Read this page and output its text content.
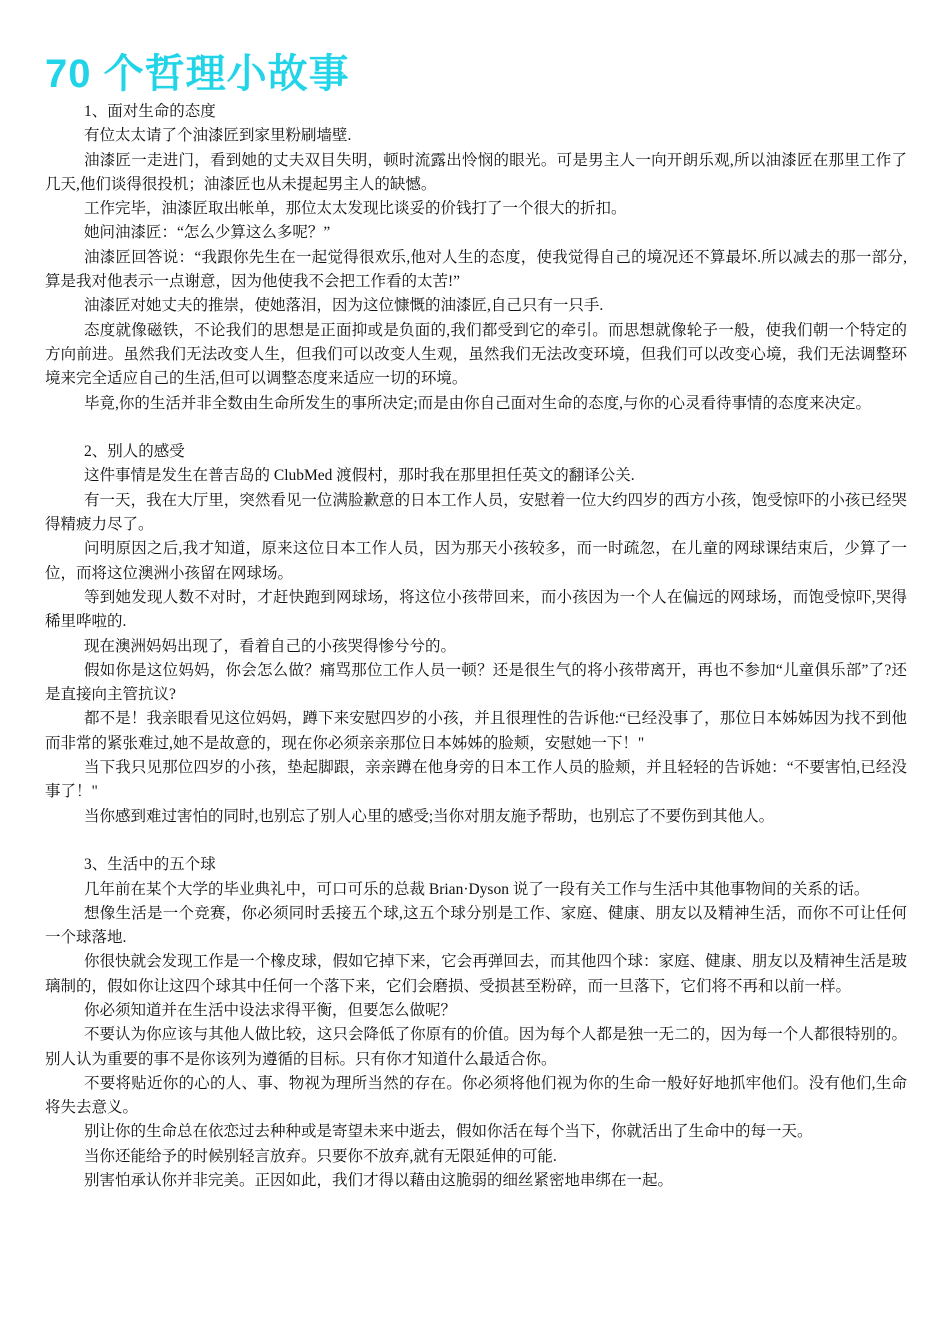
70 个哲理小故事

1、面对生命的态度

有位太太请了个油漆匠到家里粉刷墙壁.

油漆匠一走进门，看到她的丈夫双目失明，顿时流露出怜悯的眼光。可是男主人一向开朗乐观,所以油漆匠在那里工作了几天,他们谈得很投机；油漆匠也从未提起男主人的缺憾。

工作完毕，油漆匠取出帐单，那位太太发现比谈妥的价钱打了一个很大的折扣。

她问油漆匠：“怎么少算这么多呢？”

油漆匠回答说：“我跟你先生在一起觉得很欢乐,他对人生的态度，使我觉得自己的境况还不算最坏.所以减去的那一部分,算是我对他表示一点谢意，因为他使我不会把工作看的太苦!”

油漆匠对她丈夫的推崇，使她落泪，因为这位慷慨的油漆匠,自己只有一只手.

态度就像磁铁，不论我们的思想是正面抑或是负面的,我们都受到它的牵引。而思想就像轮子一般，使我们朝一个特定的方向前进。虽然我们无法改变人生，但我们可以改变人生观，虽然我们无法改变环境，但我们可以改变心境，我们无法调整环境来完全适应自己的生活,但可以调整态度来适应一切的环境。

毕竟,你的生活并非全数由生命所发生的事所决定;而是由你自己面对生命的态度,与你的心灵看待事情的态度来决定。

2、别人的感受

这件事情是发生在普吉岛的 ClubMed 渡假村，那时我在那里担任英文的翻译公关.

有一天，我在大厅里，突然看见一位满脸歉意的日本工作人员，安慰着一位大约四岁的西方小孩，饱受惊吓的小孩已经哭得精疲力尽了。

问明原因之后,我才知道，原来这位日本工作人员，因为那天小孩较多，而一时疏忽，在儿童的网球课结束后，少算了一位，而将这位澳洲小孩留在网球场。

等到她发现人数不对时，才赶快跑到网球场，将这位小孩带回来，而小孩因为一个人在偏远的网球场，而饱受惊吓,哭得稀里哗啦的.

现在澳洲妈妈出现了，看着自己的小孩哭得惨兮兮的。

假如你是这位妈妈，你会怎么做？痛骂那位工作人员一顿？还是很生气的将小孩带离开，再也不参加“儿童俱乐部”了?还是直接向主管抗议?

都不是！我亲眼看见这位妈妈，蹲下来安慰四岁的小孩，并且很理性的告诉他:“已经没事了，那位日本姊姊因为找不到他而非常的紧张难过,她不是故意的，现在你必须亲亲那位日本姊姊的脸颊，安慰她一下！"

当下我只见那位四岁的小孩，垫起脚跟，亲亲蹲在他身旁的日本工作人员的脸颊，并且轻轻的告诉她：“不要害怕,已经没事了！"

当你感到难过害怕的同时,也别忘了别人心里的感受;当你对朋友施予帮助，也别忘了不要伤到其他人。

3、生活中的五个球

几年前在某个大学的毕业典礼中，可口可乐的总裁 Brian·Dyson 说了一段有关工作与生活中其他事物间的关系的话。

想像生活是一个竞赛，你必须同时丢接五个球,这五个球分别是工作、家庭、健康、朋友以及精神生活，而你不可让任何一个球落地.

你很快就会发现工作是一个橡皮球，假如它掉下来，它会再弹回去，而其他四个球：家庭、健康、朋友以及精神生活是玻璃制的，假如你让这四个球其中任何一个落下来，它们会磨损、受损甚至粉碎，而一旦落下，它们将不再和以前一样。

你必须知道并在生活中设法求得平衡，但要怎么做呢？

不要认为你应该与其他人做比较，这只会降低了你原有的价值。因为每个人都是独一无二的，因为每一个人都很特别的。别人认为重要的事不是你该列为遵循的目标。只有你才知道什么最适合你。

不要将贴近你的心的人、事、物视为理所当然的存在。你必须将他们视为你的生命一般好好地抓牢他们。没有他们,生命将失去意义。

别让你的生命总在依恋过去种种或是寄望未来中逝去，假如你活在每个当下，你就活出了生命中的每一天。

当你还能给予的时候别轻言放弃。只要你不放弃,就有无限延伸的可能.

别害怕承认你并非完美。正因如此，我们才得以藉由这脆弱的细丝紧密地串绑在一起。
